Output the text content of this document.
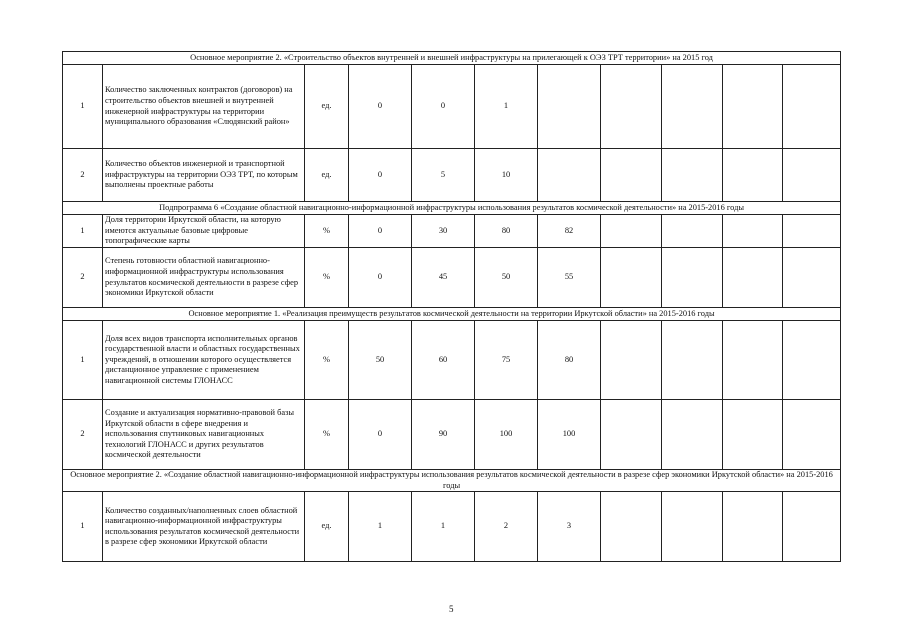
Основное мероприятие 2. «Строительство объектов внутренней и внешней инфраструктуры на прилегающей к ОЭЗ ТРТ территории» на 2015 год										
1	Количество заключенных контрактов (договоров) на строительство объектов внешней и внутренней инженерной инфраструктуры на территории муниципального образования «Слюдянский район»	ед.	0	0	1					
2	Количество объектов инженерной и транспортной инфраструктуры на территории ОЭЗ ТРТ, по которым выполнены проектные работы	ед.	0	5	10					
Подпрограмма 6 «Создание областной навигационно-информационной инфраструктуры использования результатов космической деятельности» на 2015-2016 годы										
1	Доля территории Иркутской области, на которую имеются актуальные базовые цифровые топографические карты	%	0	30	80	82				
2	Степень готовности областной навигационно-информационной инфраструктуры использования результатов космической деятельности в разрезе сфер экономики Иркутской области	%	0	45	50	55				
Основное мероприятие 1. «Реализация преимуществ результатов космической деятельности на территории Иркутской области» на 2015-2016 годы										
1	Доля всех видов транспорта исполнительных органов государственной власти и областных государственных учреждений, в отношении которого осуществляется дистанционное управление с применением навигационной системы ГЛОНАСС	%	50	60	75	80				
2	Создание и актуализация нормативно-правовой базы Иркутской области в сфере внедрения и использования спутниковых навигационных технологий ГЛОНАСС и других результатов космической деятельности	%	0	90	100	100				
Основное мероприятие 2. «Создание областной навигационно-информационной инфраструктуры использования результатов космической деятельности в разрезе сфер экономики Иркутской области» на 2015-2016 годы										
1	Количество созданных/наполненных слоев областной навигационно-информационной инфраструктуры использования результатов космической деятельности в разрезе сфер экономики Иркутской области	ед.	1	1	2	3				
5
